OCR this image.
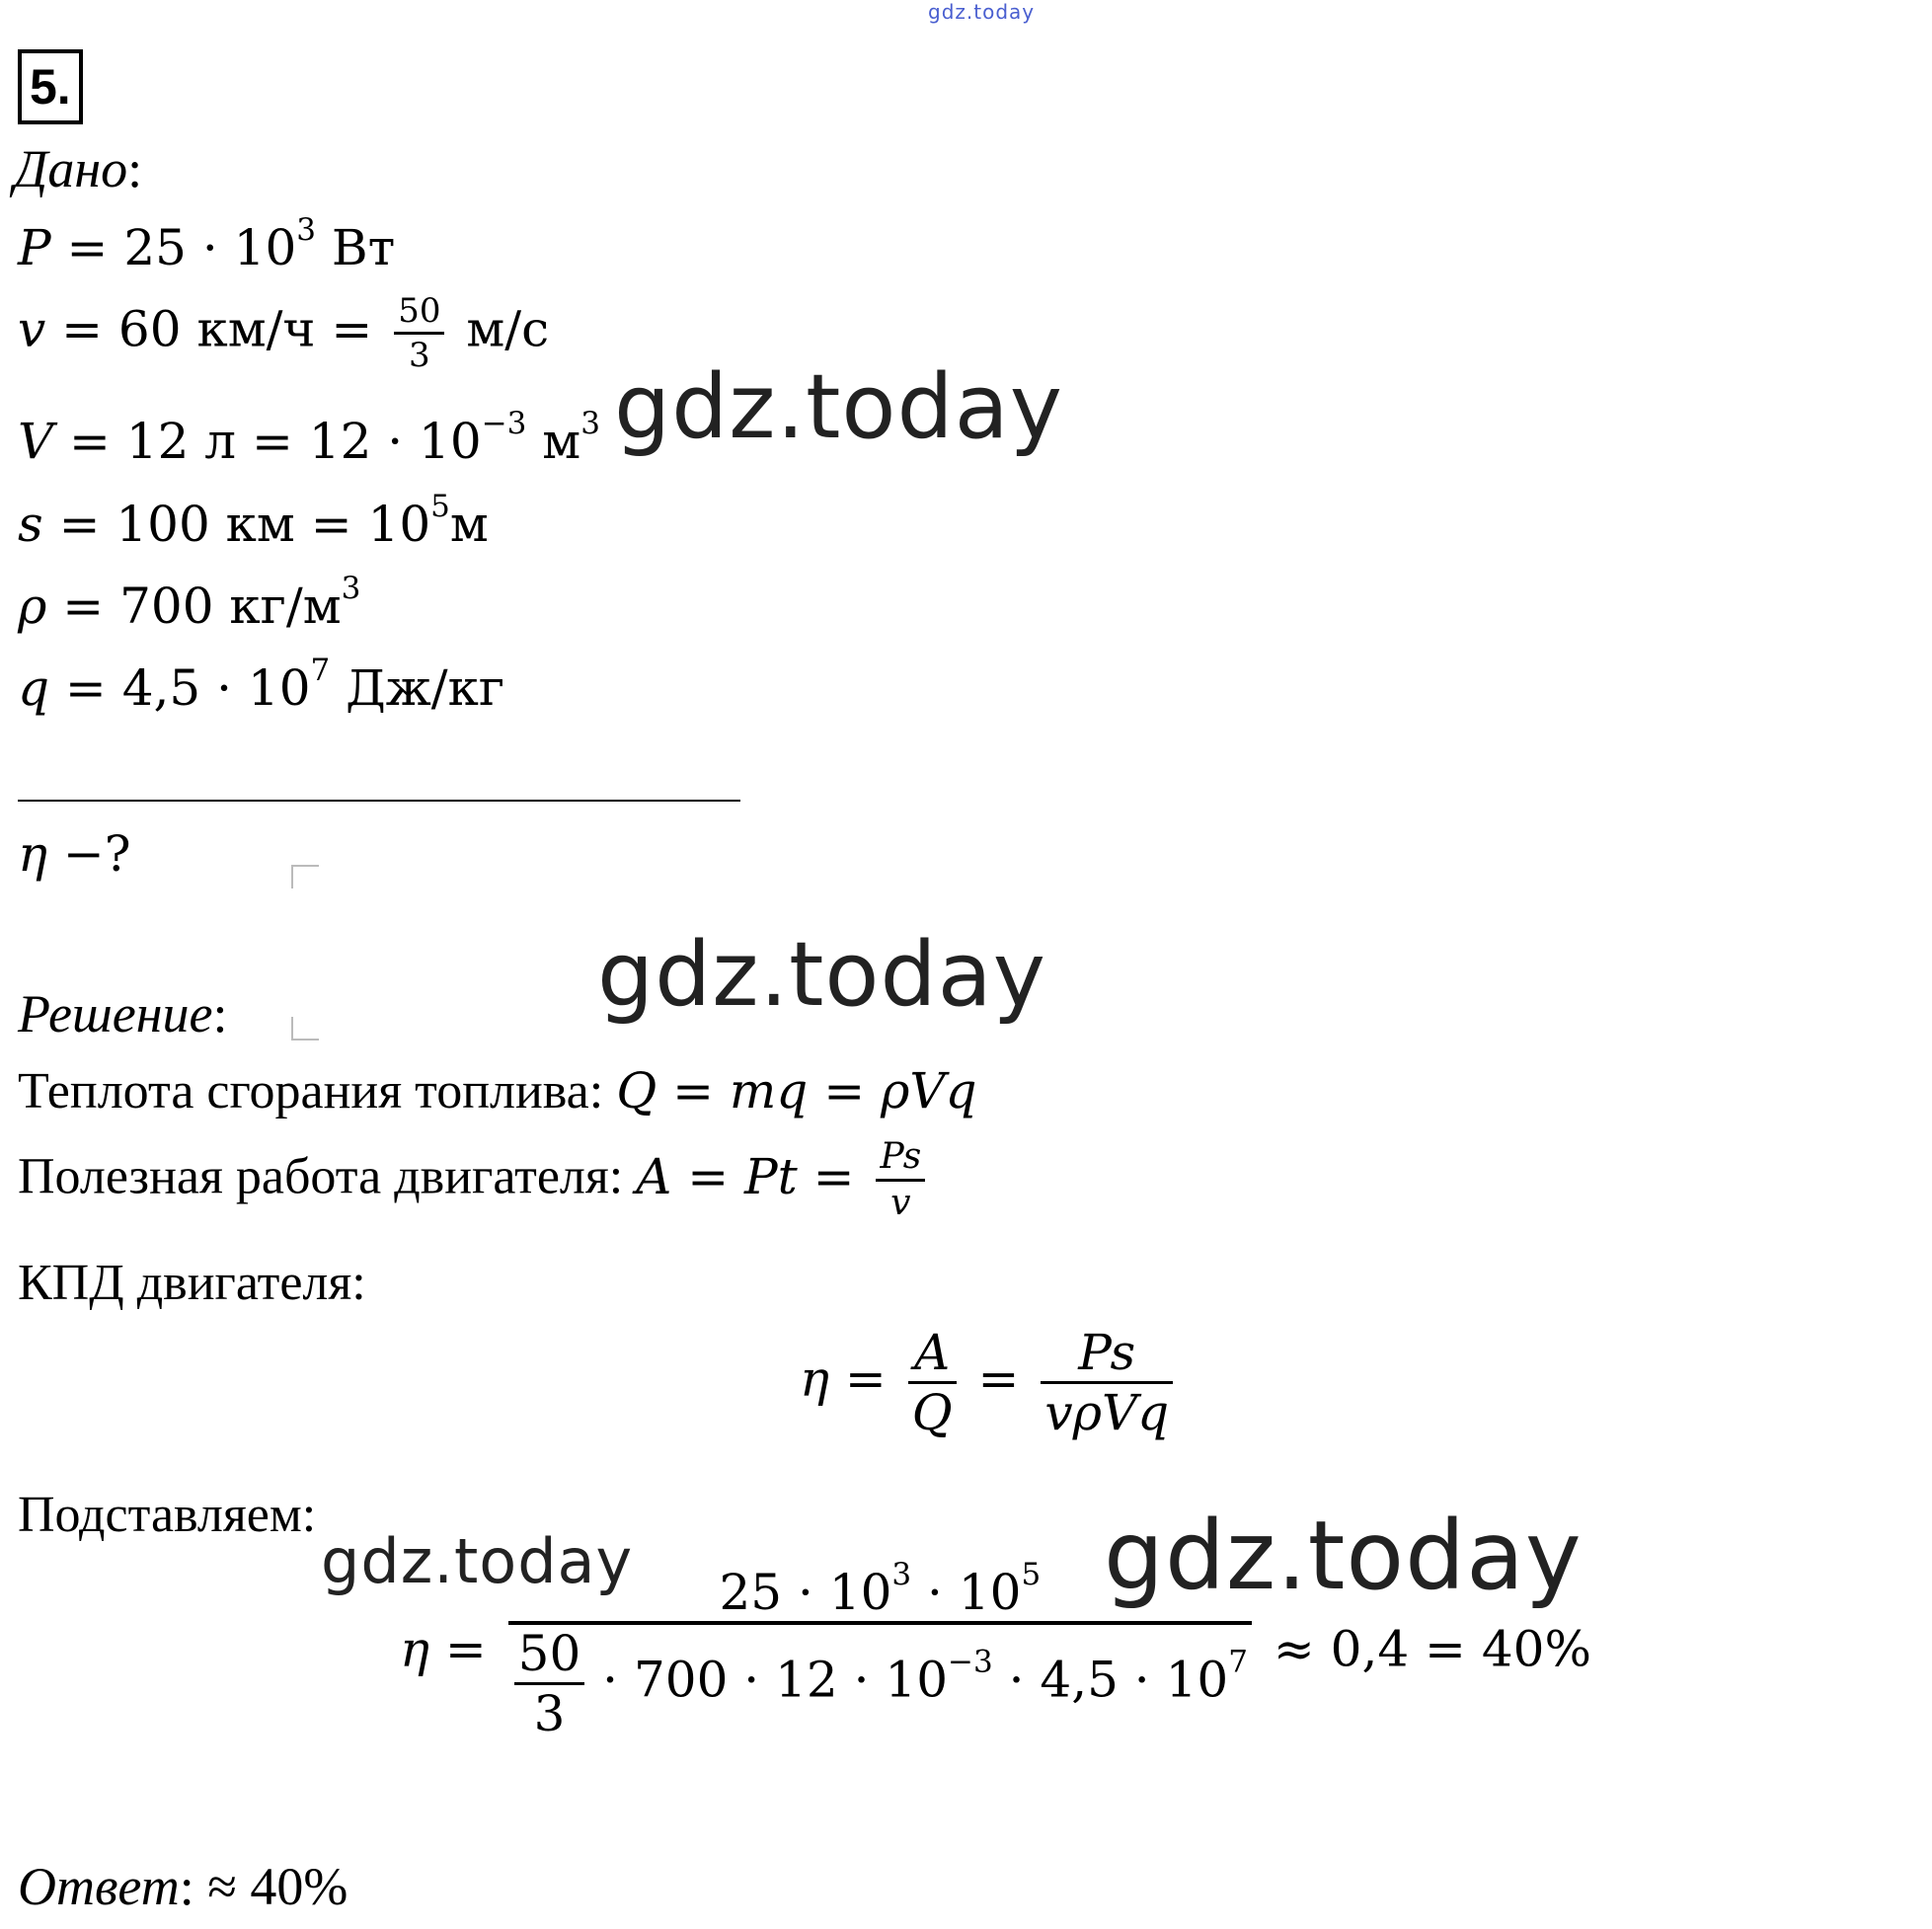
gdz.today
5.
Дано:
$P = 25 \cdot 10^3$ Вт
v = 60 $км/ч = \frac{50}{3} м/с$
V = 12 $л = 12 \cdot 10^{-3}$ $м^3$
s = 100 км = $10^5м$
ρ = 700 $кг/м^3$
$q = 4,5 \cdot 10^7$ Дж/кг
η −?
Решение:
Теплота сгорания топлива: Q = mq = ρVq
Полезная работа двигателя: $A = Pt = \frac{Ps}{v}$
КПД двигателя:
$\eta = \frac{A}{Q} = \frac{Ps}{\text{vρVq}}$
Подставляем:
$\eta = \frac{25 \cdot 10^3 \cdot 10^5}{\frac{50}{3} \cdot 700 \cdot 12 \cdot 10^{-3} \cdot 4,5 \cdot 10^7} \approx 0,4 = 40\%$
Ответ: ≈ 40%
gdz.today
gdz.today
gdz.today	gdz.today
